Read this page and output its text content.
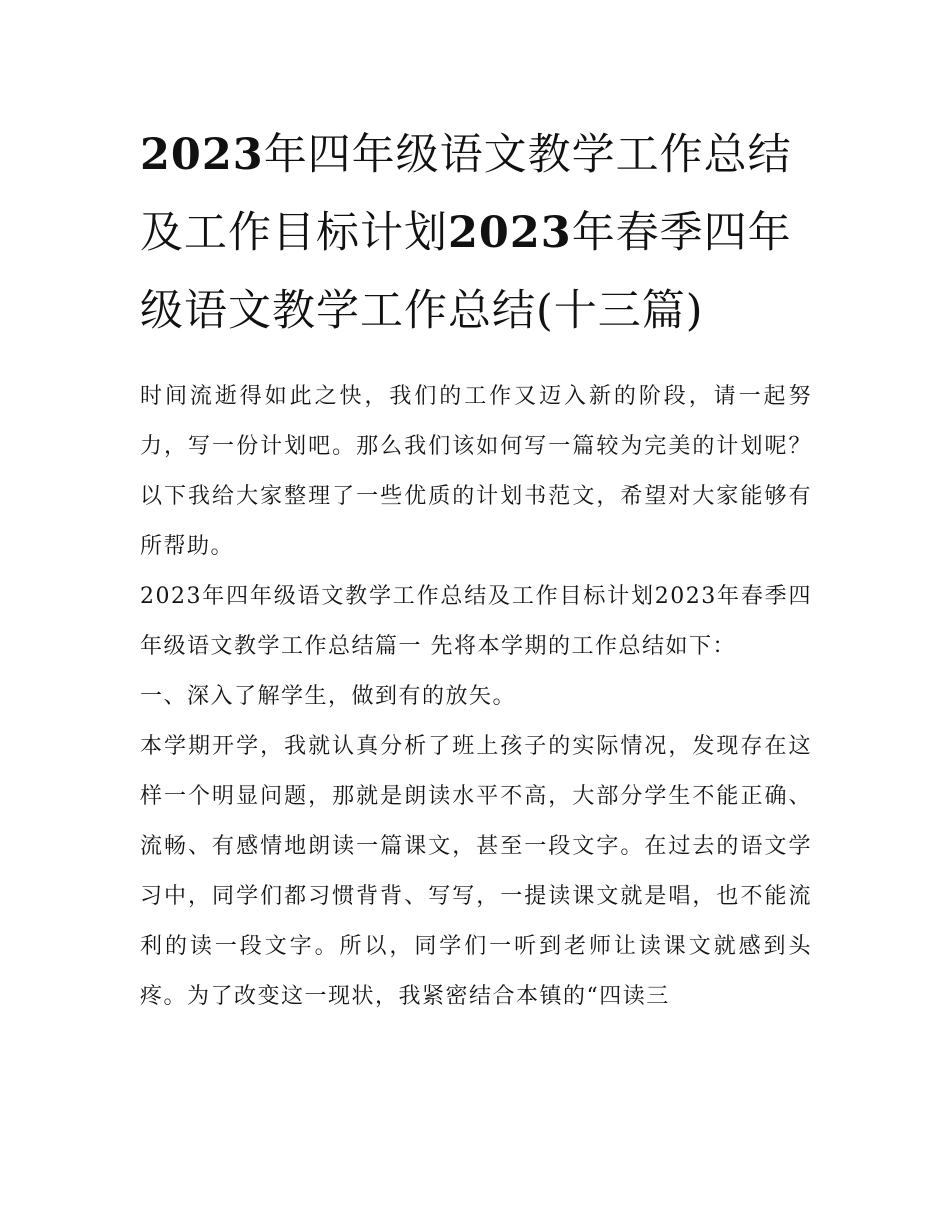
2023年四年级语文教学工作总结及工作目标计划2023年春季四年级语文教学工作总结(十三篇)

时间流逝得如此之快，我们的工作又迈入新的阶段，请一起努力，写一份计划吧。那么我们该如何写一篇较为完美的计划呢？以下我给大家整理了一些优质的计划书范文，希望对大家能够有所帮助。

2023年四年级语文教学工作总结及工作目标计划2023年春季四年级语文教学工作总结篇一 先将本学期的工作总结如下：

一、深入了解学生，做到有的放矢。

本学期开学，我就认真分析了班上孩子的实际情况，发现存在这样一个明显问题，那就是朗读水平不高，大部分学生不能正确、流畅、有感情地朗读一篇课文，甚至一段文字。在过去的语文学习中，同学们都习惯背背、写写，一提读课文就是唱，也不能流利的读一段文字。所以，同学们一听到老师让读课文就感到头疼。为了改变这一现状，我紧密结合本镇的“四读三
